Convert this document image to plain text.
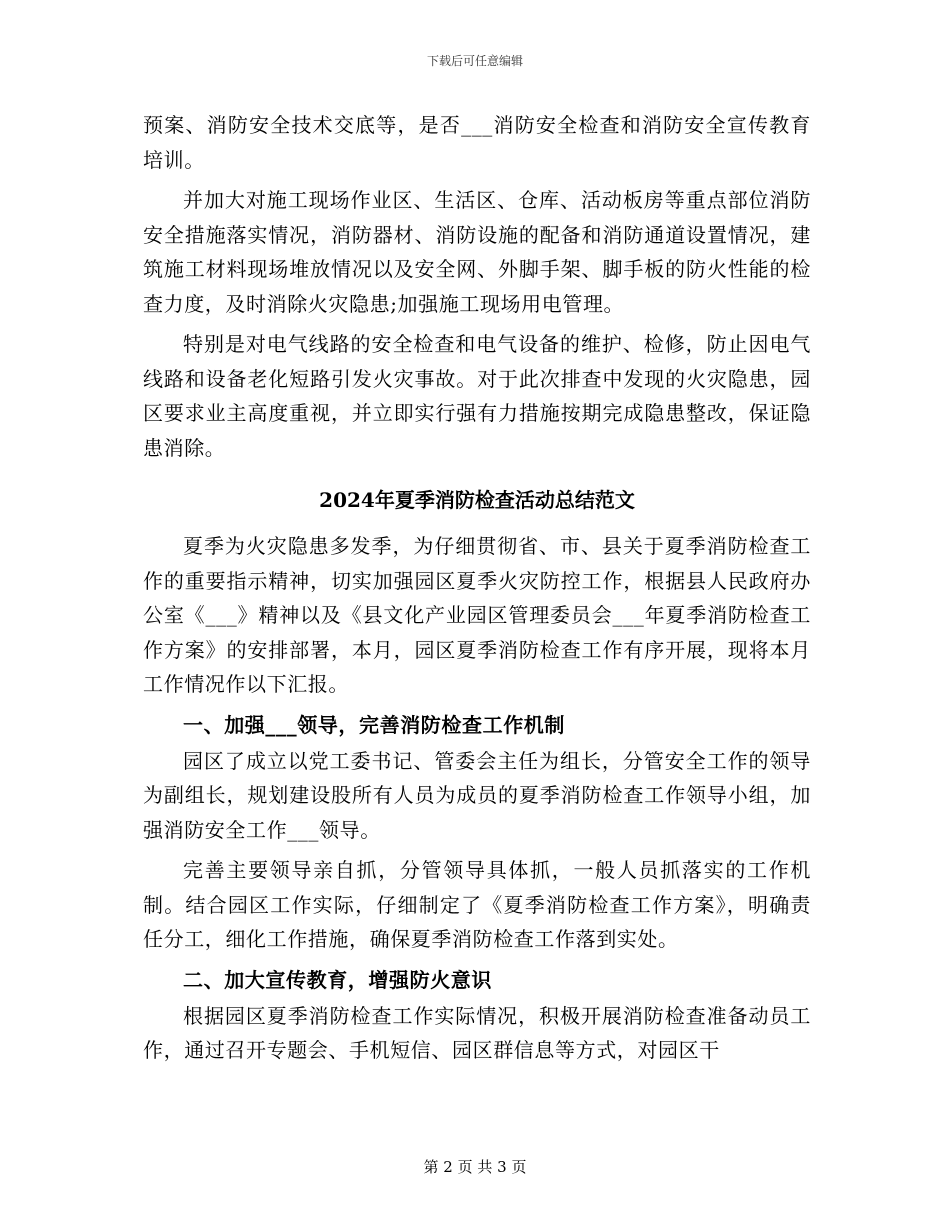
下载后可任意编辑

预案、消防安全技术交底等，是否___消防安全检查和消防安全宣传教育培训。

并加大对施工现场作业区、生活区、仓库、活动板房等重点部位消防安全措施落实情况，消防器材、消防设施的配备和消防通道设置情况，建筑施工材料现场堆放情况以及安全网、外脚手架、脚手板的防火性能的检查力度，及时消除火灾隐患;加强施工现场用电管理。

特别是对电气线路的安全检查和电气设备的维护、检修，防止因电气线路和设备老化短路引发火灾事故。对于此次排查中发现的火灾隐患，园区要求业主高度重视，并立即实行强有力措施按期完成隐患整改，保证隐患消除。

2024年夏季消防检查活动总结范文

夏季为火灾隐患多发季，为仔细贯彻省、市、县关于夏季消防检查工作的重要指示精神，切实加强园区夏季火灾防控工作，根据县人民政府办公室《___》精神以及《县文化产业园区管理委员会___年夏季消防检查工作方案》的安排部署，本月，园区夏季消防检查工作有序开展，现将本月工作情况作以下汇报。

一、加强___领导，完善消防检查工作机制

园区了成立以党工委书记、管委会主任为组长，分管安全工作的领导为副组长，规划建设股所有人员为成员的夏季消防检查工作领导小组，加强消防安全工作___领导。

完善主要领导亲自抓，分管领导具体抓，一般人员抓落实的工作机制。结合园区工作实际，仔细制定了《夏季消防检查工作方案》，明确责任分工，细化工作措施，确保夏季消防检查工作落到实处。

二、加大宣传教育，增强防火意识

根据园区夏季消防检查工作实际情况，积极开展消防检查准备动员工作，通过召开专题会、手机短信、园区群信息等方式，对园区干

第 2 页 共 3 页
